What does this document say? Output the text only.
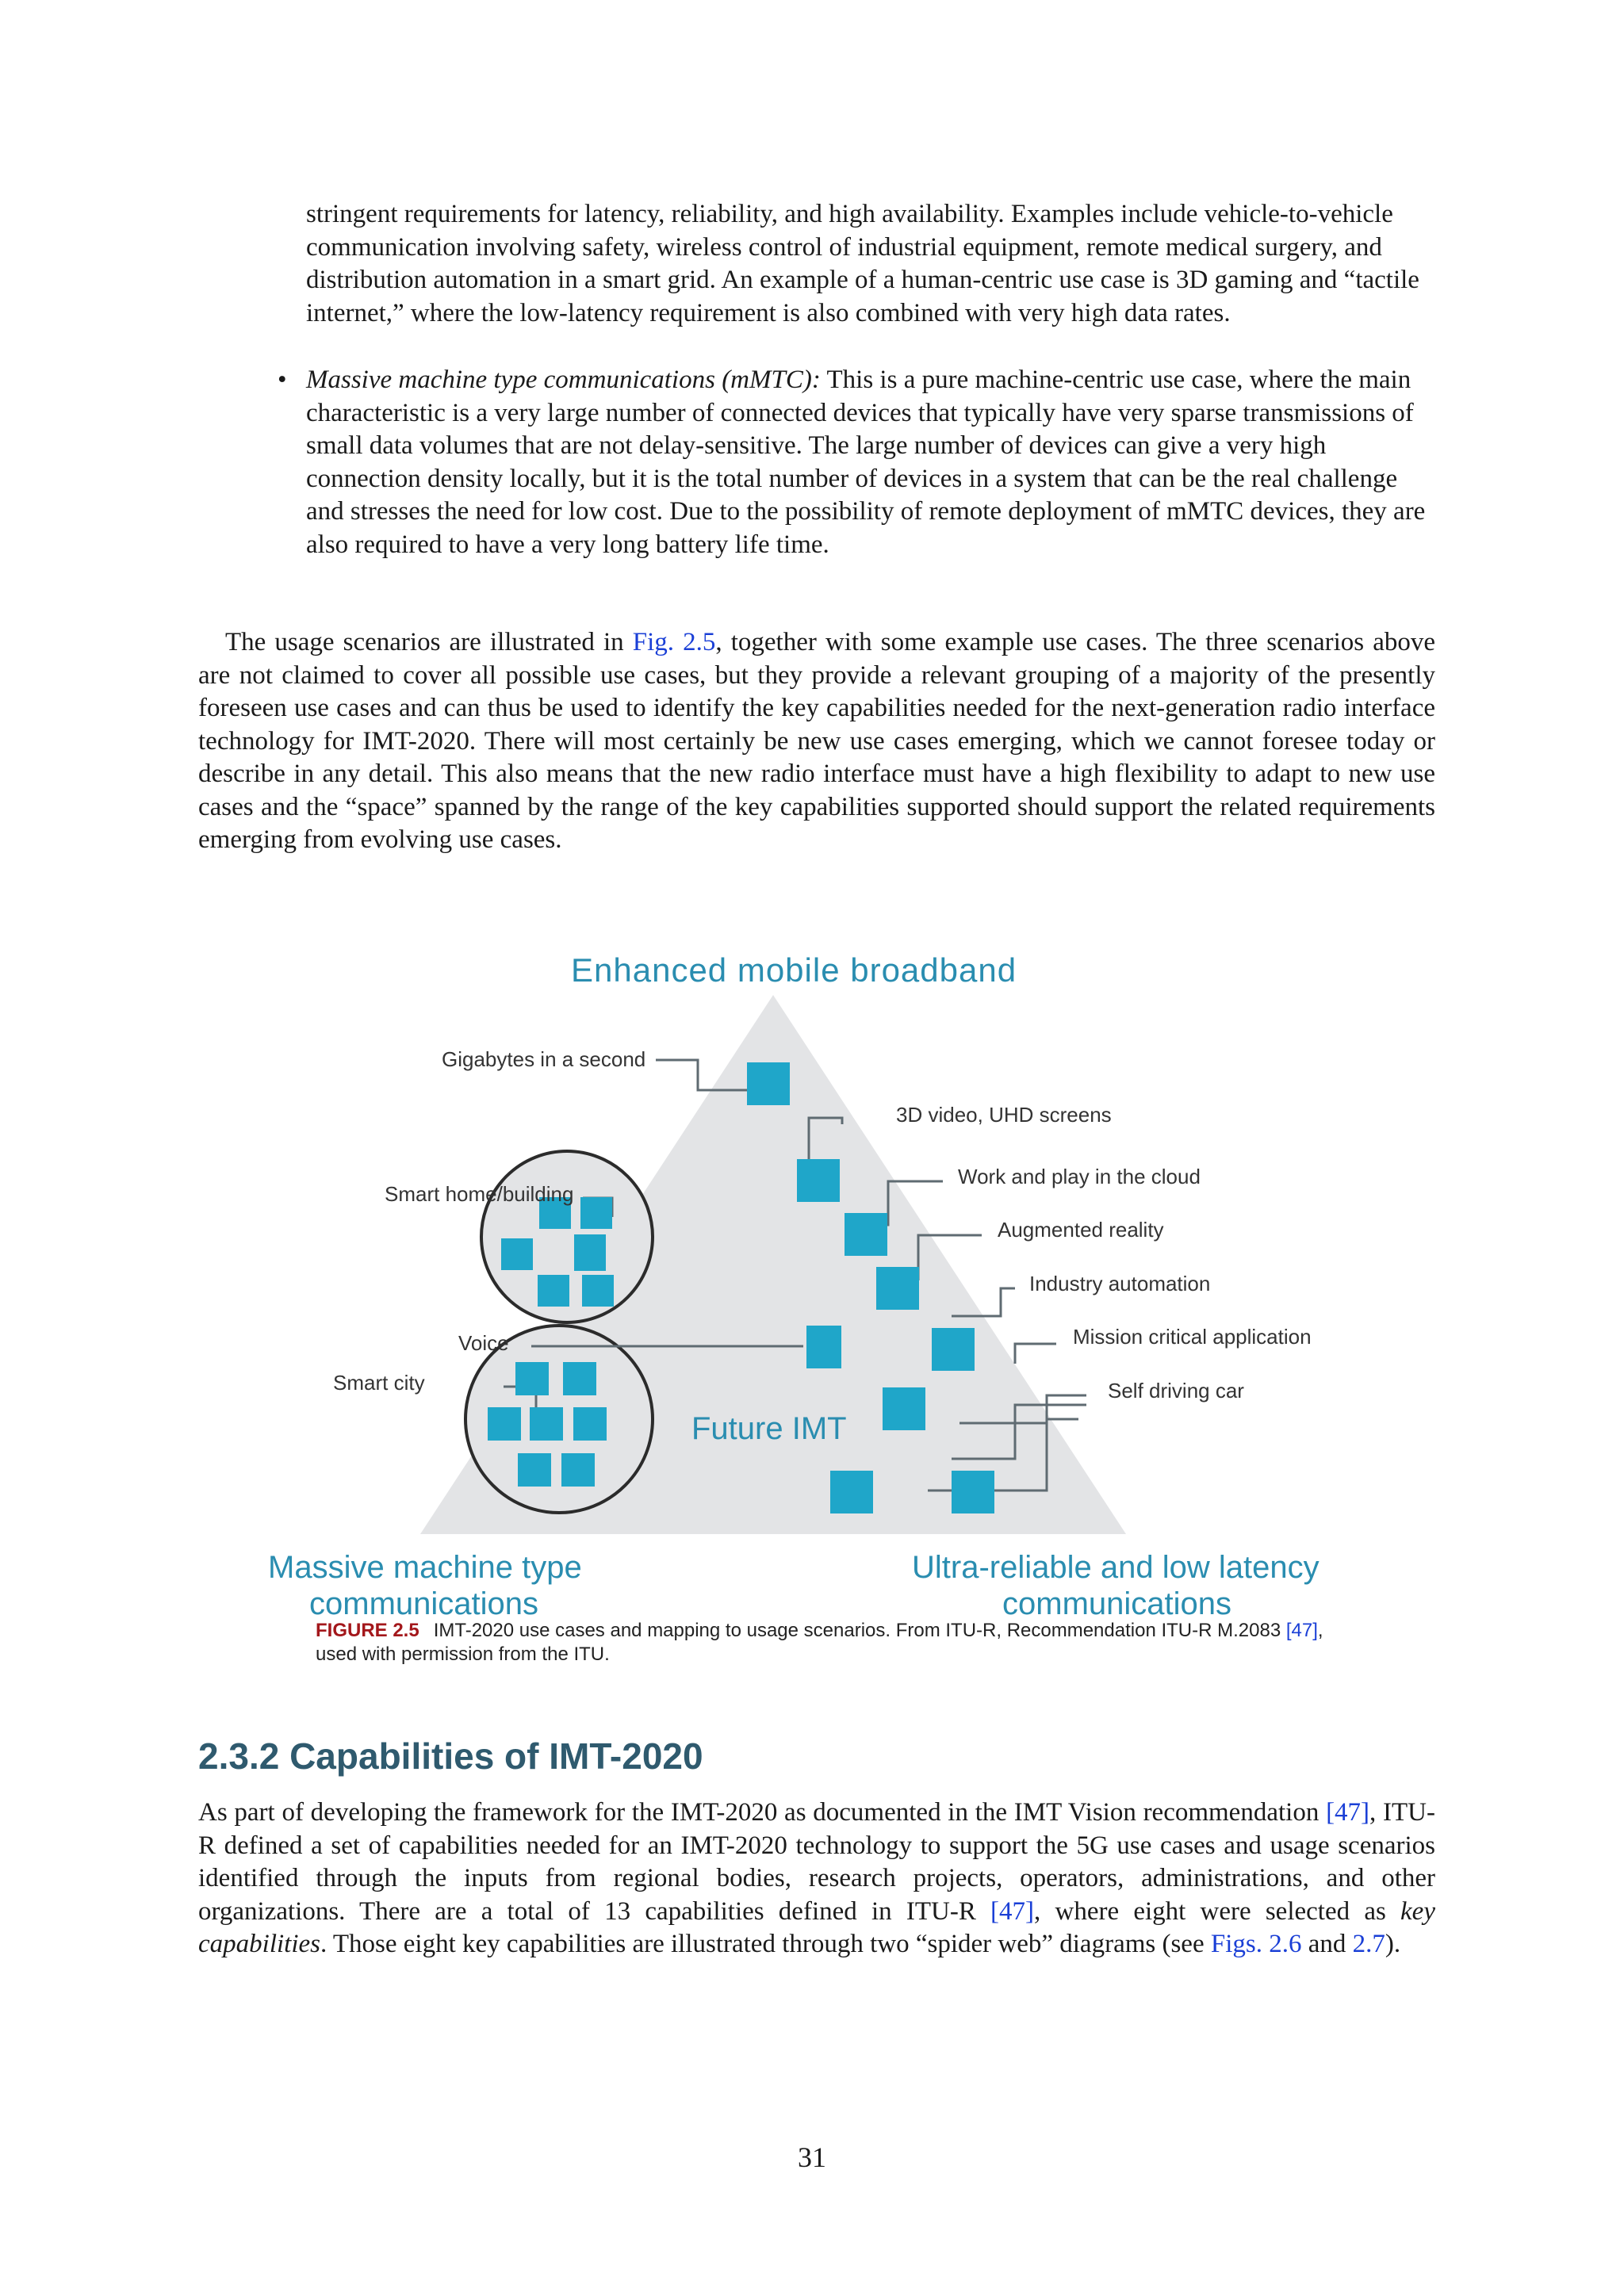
stringent requirements for latency, reliability, and high availability. Examples include vehicle-to-vehicle communication involving safety, wireless control of industrial equipment, remote medical surgery, and distribution automation in a smart grid. An example of a human-centric use case is 3D gaming and “tactile internet,” where the low-latency requirement is also combined with very high data rates.
• Massive machine type communications (mMTC): This is a pure machine-centric use case, where the main characteristic is a very large number of connected devices that typically have very sparse transmissions of small data volumes that are not delay-sensitive. The large number of devices can give a very high connection density locally, but it is the total number of devices in a system that can be the real challenge and stresses the need for low cost. Due to the possibility of remote deployment of mMTC devices, they are also required to have a very long battery life time.
The usage scenarios are illustrated in Fig. 2.5, together with some example use cases. The three scenarios above are not claimed to cover all possible use cases, but they provide a relevant grouping of a majority of the presently foreseen use cases and can thus be used to identify the key capabilities needed for the next-generation radio interface technology for IMT-2020. There will most certainly be new use cases emerging, which we cannot foresee today or describe in any detail. This also means that the new radio interface must have a high flexibility to adapt to new use cases and the “space” spanned by the range of the key capabilities supported should support the related requirements emerging from evolving use cases.
Gigabytes in a second
3D video, UHD screens
Work and play in the cloud
Augmented reality
Industry automation
Mission critical application
Self driving car
Smart home/building
Voice
Smart city
Enhanced mobile broadband
Future IMT
Massive machine type
communications
Ultra-reliable and low latency
communications
FIGURE 2.5 IMT-2020 use cases and mapping to usage scenarios. From ITU-R, Recommendation ITU-R M.2083 [47], used with permission from the ITU.
2.3.2 Capabilities of IMT-2020
As part of developing the framework for the IMT-2020 as documented in the IMT Vision recommendation [47], ITU-R defined a set of capabilities needed for an IMT-2020 technology to support the 5G use cases and usage scenarios identified through the inputs from regional bodies, research projects, operators, administrations, and other organizations. There are a total of 13 capabilities defined in ITU-R [47], where eight were selected as key capabilities. Those eight key capabilities are illustrated through two “spider web” diagrams (see Figs. 2.6 and 2.7).
31
